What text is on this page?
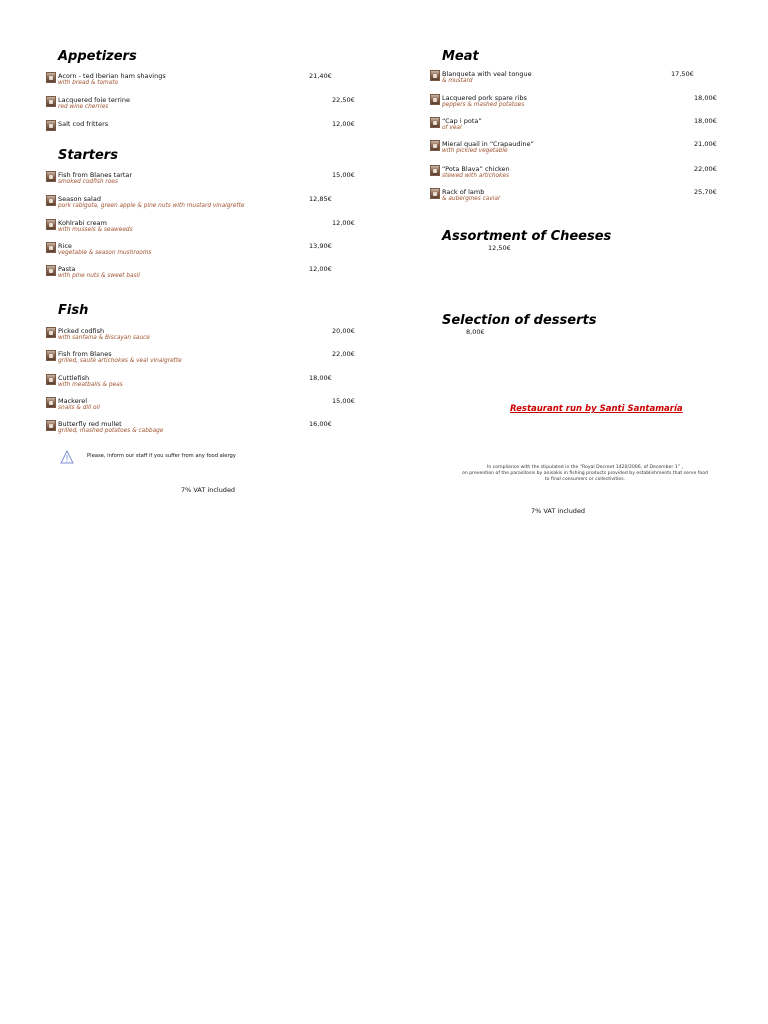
Appetizers
Acorn - ted Iberian ham shavings
with bread & tomato
21,40€
Lacquered foie terrine
red wine cherries
22,50€
Salt cod fritters	12,00€
Starters
Fish from Blanes tartar
smoked codfish roes
15,00€
Season salad
pork rabigota, green apple & pine nuts with mustard vinaigrette
12,85€
Kohlrabi cream
with mussels & seaweeds
12,00€
Rice
vegetable & season mushrooms
13,90€
Pasta
with pine nuts & sweet basil
12,00€
Fish
Picked codfish
with sanfaina & Biscayan sauce
20,00€
Fish from Blanes
grilled, sauté artichokes & veal vinaigrette
22,00€
Cuttlefish
with meatballs & peas
18,00€
Mackerel
snails & dill oil
15,00€
Butterfly red mullet
grilled, mashed potatoes & cabbage
16,00€
Please, inform our staff if you suffer from any food alergy
7% VAT included
Meat
Blanqueta with veal tongue
& mustard
17,50€
Lacquered pork spare ribs
peppers & mashed potatoes
18,00€
“Cap i pota”
of veal
18,00€
Mieral quail in “Crapaudine”
with pickled vegetable
21,00€
“Pota Blava” chicken
stewed with artichokes
22,00€
Rack of lamb
& aubergines caviar
25,70€
Assortment of Cheeses
12,50€
Selection of desserts
8,00€
Restaurant run by Santi Santamaría
In compliance with the stipulated in the “Royal Decreet 1420/2006, of December 1” ,
on prevention of the parasitosis by anisakis in fishing products provided by establishments that serve food
to final consumers or collectivities.
7% VAT included
